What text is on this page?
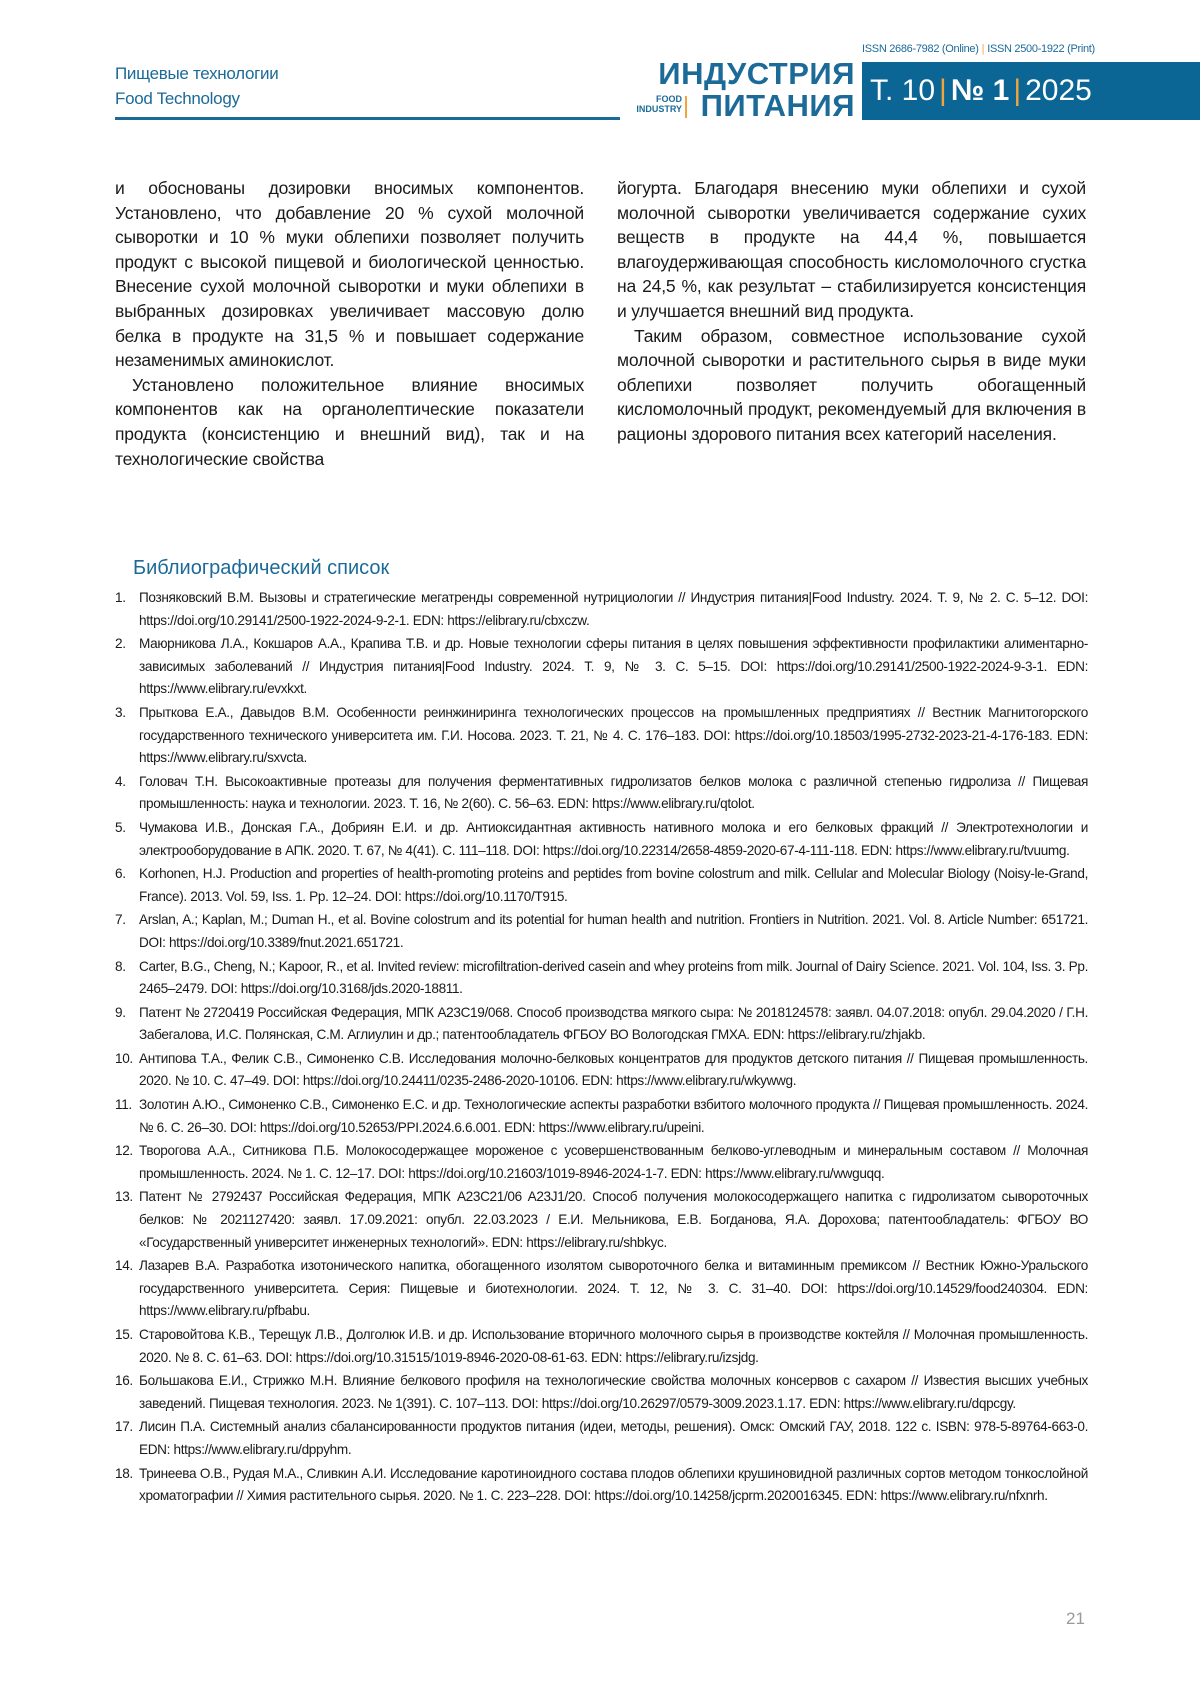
Пищевые технологии
Food Technology
ИНДУСТРИЯ
FOOD
INDUSTRY ПИТАНИЯ
ISSN 2686-7982 (Online) | ISSN 2500-1922 (Print)
Т. 10 | № 1 | 2025

и обоснованы дозировки вносимых компонентов. Установлено, что добавление 20 % сухой молочной сыворотки и 10 % муки облепихи позволяет получить продукт с высокой пищевой и биологической ценностью. Внесение сухой молочной сыворотки и муки облепихи в выбранных дозировках увеличивает массовую долю белка в продукте на 31,5 % и повышает содержание незаменимых аминокислот.

Установлено положительное влияние вносимых компонентов как на органолептические показатели продукта (консистенцию и внешний вид), так и на технологические свойства

йогурта. Благодаря внесению муки облепихи и сухой молочной сыворотки увеличивается содержание сухих веществ в продукте на 44,4 %, повышается влагоудерживающая способность кисломолочного сгустка на 24,5 %, как результат – стабилизируется консистенция и улучшается внешний вид продукта.

Таким образом, совместное использование сухой молочной сыворотки и растительного сырья в виде муки облепихи позволяет получить обогащенный кисломолочный продукт, рекомендуемый для включения в рационы здорового питания всех категорий населения.

Библиографический список
1. Позняковский В.М. Вызовы и стратегические мегатренды современной нутрициологии // Индустрия питания|Food Industry. 2024. Т. 9, № 2. С. 5–12. DOI: https://doi.org/10.29141/2500-1922-2024-9-2-1. EDN: https://elibrary.ru/cbxczw.
2. Маюрникова Л.А., Кокшаров А.А., Крапива Т.В. и др. Новые технологии сферы питания в целях повышения эффективности профилактики алиментарно-зависимых заболеваний // Индустрия питания|Food Industry. 2024. Т. 9, № 3. С. 5–15. DOI: https://doi.org/10.29141/2500-1922-2024-9-3-1. EDN: https://www.elibrary.ru/evxkxt.
3. Прыткова Е.А., Давыдов В.М. Особенности реинжиниринга технологических процессов на промышленных предприятиях // Вестник Магнитогорского государственного технического университета им. Г.И. Носова. 2023. Т. 21, № 4. С. 176–183. DOI: https://doi.org/10.18503/1995-2732-2023-21-4-176-183. EDN: https://www.elibrary.ru/sxvcta.
4. Головач Т.Н. Высокоактивные протеазы для получения ферментативных гидролизатов белков молока с различной степенью гидролиза // Пищевая промышленность: наука и технологии. 2023. Т. 16, № 2(60). С. 56–63. EDN: https://www.elibrary.ru/qtolot.
5. Чумакова И.В., Донская Г.А., Добриян Е.И. и др. Антиоксидантная активность нативного молока и его белковых фракций // Электротехнологии и электрооборудование в АПК. 2020. Т. 67, № 4(41). С. 111–118. DOI: https://doi.org/10.22314/2658-4859-2020-67-4-111-118. EDN: https://www.elibrary.ru/tvuumg.
6. Korhonen, H.J. Production and properties of health-promoting proteins and peptides from bovine colostrum and milk. Cellular and Molecular Biology (Noisy-le-Grand, France). 2013. Vol. 59, Iss. 1. Pp. 12–24. DOI: https://doi.org/10.1170/T915.
7. Arslan, A.; Kaplan, M.; Duman H., et al. Bovine colostrum and its potential for human health and nutrition. Frontiers in Nutrition. 2021. Vol. 8. Article Number: 651721. DOI: https://doi.org/10.3389/fnut.2021.651721.
8. Carter, B.G., Cheng, N.; Kapoor, R., et al. Invited review: microfiltration-derived casein and whey proteins from milk. Journal of Dairy Science. 2021. Vol. 104, Iss. 3. Pp. 2465–2479. DOI: https://doi.org/10.3168/jds.2020-18811.
9. Патент № 2720419 Российская Федерация, МПК A23C19/068. Способ производства мягкого сыра: № 2018124578: заявл. 04.07.2018: опубл. 29.04.2020 / Г.Н. Забегалова, И.С. Полянская, С.М. Аглиулин и др.; патентообладатель ФГБОУ ВО Вологодская ГМХА. EDN: https://elibrary.ru/zhjakb.
10. Антипова Т.А., Фелик С.В., Симоненко С.В. Исследования молочно-белковых концентратов для продуктов детского питания // Пищевая промышленность. 2020. № 10. С. 47–49. DOI: https://doi.org/10.24411/0235-2486-2020-10106. EDN: https://www.elibrary.ru/wkywwg.
11. Золотин А.Ю., Симоненко С.В., Симоненко Е.С. и др. Технологические аспекты разработки взбитого молочного продукта // Пищевая промышленность. 2024. № 6. С. 26–30. DOI: https://doi.org/10.52653/PPI.2024.6.6.001. EDN: https://www.elibrary.ru/upeini.
12. Творогова А.А., Ситникова П.Б. Молокосодержащее мороженое с усовершенствованным белково-углеводным и минеральным составом // Молочная промышленность. 2024. № 1. С. 12–17. DOI: https://doi.org/10.21603/1019-8946-2024-1-7. EDN: https://www.elibrary.ru/wwguqq.
13. Патент № 2792437 Российская Федерация, МПК A23C21/06 A23J1/20. Способ получения молокосодержащего напитка с гидролизатом сывороточных белков: № 2021127420: заявл. 17.09.2021: опубл. 22.03.2023 / Е.И. Мельникова, Е.В. Богданова, Я.А. Дорохова; патентообладатель: ФГБОУ ВО «Государственный университет инженерных технологий». EDN: https://elibrary.ru/shbkyc.
14. Лазарев В.А. Разработка изотонического напитка, обогащенного изолятом сывороточного белка и витаминным премиксом // Вестник Южно-Уральского государственного университета. Серия: Пищевые и биотехнологии. 2024. Т. 12, № 3. С. 31–40. DOI: https://doi.org/10.14529/food240304. EDN: https://www.elibrary.ru/pfbabu.
15. Старовойтова К.В., Терещук Л.В., Долголюк И.В. и др. Использование вторичного молочного сырья в производстве коктейля // Молочная промышленность. 2020. № 8. С. 61–63. DOI: https://doi.org/10.31515/1019-8946-2020-08-61-63. EDN: https://elibrary.ru/izsjdg.
16. Большакова Е.И., Стрижко М.Н. Влияние белкового профиля на технологические свойства молочных консервов с сахаром // Известия высших учебных заведений. Пищевая технология. 2023. № 1(391). С. 107–113. DOI: https://doi.org/10.26297/0579-3009.2023.1.17. EDN: https://www.elibrary.ru/dqpcgy.
17. Лисин П.А. Системный анализ сбалансированности продуктов питания (идеи, методы, решения). Омск: Омский ГАУ, 2018. 122 с. ISBN: 978-5-89764-663-0. EDN: https://www.elibrary.ru/dppyhm.
18. Тринеева О.В., Рудая М.А., Сливкин А.И. Исследование каротиноидного состава плодов облепихи крушиновидной различных сортов методом тонкослойной хроматографии // Химия растительного сырья. 2020. № 1. С. 223–228. DOI: https://doi.org/10.14258/jcprm.2020016345. EDN: https://www.elibrary.ru/nfxnrh.
21
